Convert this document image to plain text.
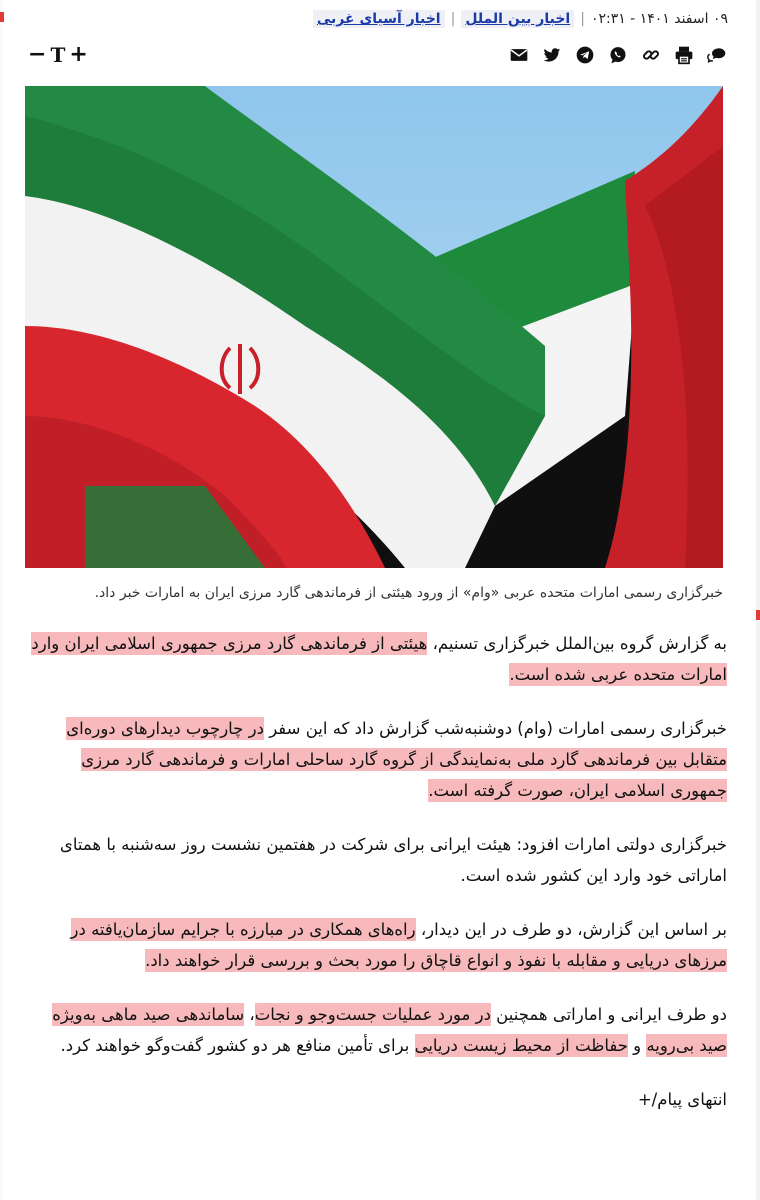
۰۹ اسفند ۱۴۰۱ - ۰۲:۳۱
|
اخبار بین الملل
|
اخبار آسیای غربی
− T +
خبرگزاری رسمی امارات متحده عربی «وام» از ورود هیئتی از فرماندهی گارد مرزی ایران به امارات خبر داد.

به گزارش گروه بین‌الملل خبرگزاری تسنیم، هیئتی از فرماندهی گارد مرزی جمهوری اسلامی ایران وارد امارات متحده عربی شده است.

خبرگزاری رسمی امارات (وام) دوشنبه‌شب گزارش داد که این سفر در چارچوب دیدارهای دوره‌ای متقابل بین فرماندهی گارد ملی به‌نمایندگی از گروه گارد ساحلی امارات و فرماندهی گارد مرزی جمهوری اسلامی ایران، صورت گرفته است.

خبرگزاری دولتی امارات افزود: هیئت ایرانی برای شرکت در هفتمین نشست روز سه‌شنبه با همتای اماراتی خود وارد این کشور شده است.

بر اساس این گزارش، دو طرف در این دیدار، راه‌های همکاری در مبارزه با جرایم سازمان‌یافته در مرزهای دریایی و مقابله با نفوذ و انواع قاچاق را مورد بحث و بررسی قرار خواهند داد.

دو طرف ایرانی و اماراتی همچنین در مورد عملیات جست‌وجو و نجات، ساماندهی صید ماهی به‌ویژه صید بی‌رویه و حفاظت از محیط زیست دریایی برای تأمین منافع هر دو کشور گفت‌وگو خواهند کرد.

انتهای پیام/+
